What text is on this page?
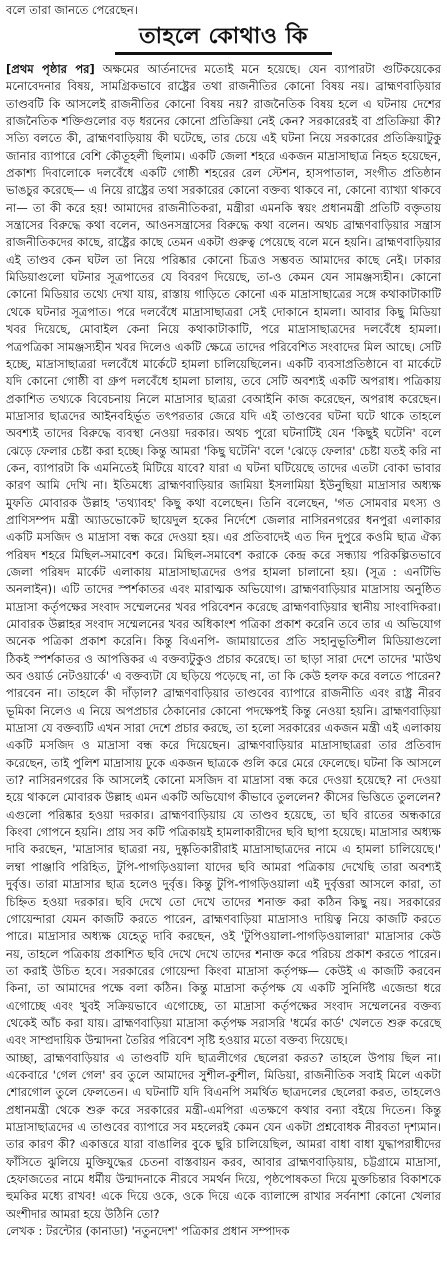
বলে তারা জানতে পেরেছেন।
তাহলে কোথাও কি

[প্রথম পৃষ্ঠার পর] অক্ষমের আর্তনাদের মতোই মনে হয়েছে। যেন ব্যাপারটা গুটিকয়েকের মনোবেদনার বিষয়, সামগ্রিকভাবে রাষ্ট্রের তথা রাজনীতির কোনো বিষয় নয়। ব্রাহ্মণবাড়িয়ার তাণ্ডবটি কি আসলেই রাজনীতির কোনো বিষয় নয়? রাজনৈতিক বিষয় হলে এ ঘটনায় দেশের রাজনৈতিক শক্তিগুলোর বড় ধরনের কোনো প্রতিক্রিয়া নেই কেন? সরকারেরই বা প্রতিক্রিয়া কী? সত্যি বলতে কী, ব্রাহ্মণবাড়িয়ায় কী ঘটেছে, তার চেয়ে এই ঘটনা নিয়ে সরকারের প্রতিক্রিয়াটুকু জানার ব্যাপারে বেশি কৌতূহলী ছিলাম। একটি জেলা শহরে একজন মাদ্রাসাছাত্র নিহত হয়েছেন, প্রকাশ্য দিবালোকে দলবেঁধে একটি গোষ্ঠী শহরের রেল স্টেশন, হাসপাতাল, সংগীত প্রতিষ্ঠান ভাঙচুর করেছে— এ নিয়ে রাষ্ট্রের তথা সরকারের কোনো বক্তব্য থাকবে না, কোনো ব্যাখ্যা থাকবে না— তা কী করে হয়! আমাদের রাজনীতিকরা, মন্ত্রীরা এমনকি স্বয়ং প্রধানমন্ত্রী প্রতিটি বক্তৃতায় সন্ত্রাসের বিরুদ্ধে কথা বলেন, আওনসন্ত্রাসের বিরুদ্ধে কথা বলেন। অথচ ব্রাহ্মণবাড়িয়ার সন্ত্রাস রাজনীতিকদের কাছে, রাষ্ট্রের কাছে তেমন একটা গুরুত্ব পেয়েছে বলে মনে হয়নি। ব্রাহ্মণবাড়িয়ার এই তাণ্ডব কেন ঘটল তা নিয়ে পরিষ্কার কোনো চিত্রও সম্ভবত আমাদের কাছে নেই। ঢাকার মিডিয়াগুলো ঘটনার সূত্রপাতের যে বিবরণ দিয়েছে, তা-ও কেমন যেন সামঞ্জস্যহীন। কোনো কোনো মিডিয়ার তথ্যে দেখা যায়, রাস্তায় গাড়িতে কোনো এক মাদ্রাসাছাত্রের সঙ্গে কথাকাটাকাটি থেকে ঘটনার সূত্রপাত। পরে দলবেঁধে মাদ্রাসাছাত্ররা সেই দোকানে হামলা। আবার কিছু মিডিয়া খবর দিয়েছে, মোবাইল কেনা নিয়ে কথাকাটাকাটি, পরে মাদ্রাসাছাত্রদের দলবেঁধে হামলা। পত্রপত্রিকা সামঞ্জস্যহীন খবর দিলেও একটি ক্ষেত্রে তাদের পরিবেশিত সংবাদের মিল আছে। সেটি হচ্ছে, মাদ্রাসাছাত্ররা দলবেঁধে মার্কেটে হামলা চালিয়েছিলেন। একটি ব্যবসাপ্রতিষ্ঠানে বা মার্কেটে যদি কোনো গোষ্ঠী বা গ্রুপ দলবেঁধে হামলা চালায়, তবে সেটি অবশ্যই একটি অপরাধ। পত্রিকায় প্রকাশিত তথ্যকে বিবেচনায় নিলে মাদ্রাসার ছাত্ররা বেআইনি কাজ করেছেন, অপরাধ করেছেন। মাদ্রাসার ছাত্রদের আইনবহির্ভূত তৎপরতার জেরে যদি এই তাণ্ডবের ঘটনা ঘটে থাকে তাহলে অবশ্যই তাদের বিরুদ্ধে ব্যবস্থা নেওয়া দরকার। অথচ পুরো ঘটনাটিই যেন 'কিছুই ঘটেনি' বলে ঝেড়ে ফেলার চেষ্টা করা হচ্ছে। কিন্তু আমরা 'কিছু ঘটেনি' বলে 'ঝেড়ে ফেলার' চেষ্টা যতই করি না কেন, ব্যাপারটা কি এমনিতেই মিটিয়ে যাবে? যারা এ ঘটনা ঘটিয়েছে তাদের এতটা বোকা ভাবার কারণ আমি দেখি না। ইতিমধ্যে ব্রাহ্মণবাড়িয়ার জামিয়া ইসলামিয়া ইউনুছিয়া মাদ্রাসার অধ্যক্ষ মুফতি মোবারক উল্লাহ 'তথ্যাবহ' কিছু কথা বলেছেন। তিনি বলেছেন, 'গত সোমবার মৎস্য ও প্রাণিসম্পদ মন্ত্রী অ্যাডভোকেট ছায়েদুল হকের নির্দেশে জেলার নাসিরনগরের ধনপুরা এলাকার একটি মসজিদ ও মাদ্রাসা বন্ধ করে দেওয়া হয়। এর প্রতিবাদেই এত দিন দুপুরে কওমি ছাত্র ঐক্য পরিষদ শহরে মিছিল-সমাবেশ করে। মিছিল-সমাবেশ করাকে কেন্দ্র করে সন্ধ্যায় পরিকল্পিতভাবে জেলা পরিষদ মার্কেট এলাকায় মাদ্রাসাছাত্রদের ওপর হামলা চালানো হয়। (সূত্র : এনটিভি অনলাইন)। এটি তাদের স্পর্শকাতর এবং মারাত্মক অভিযোগ। ব্রাহ্মণবাড়িয়ার মাদ্রাসায় অনুষ্ঠিত মাদ্রাসা কর্তৃপক্ষের সংবাদ সম্মেলনের খবর পরিবেশন করেছে ব্রাহ্মণবাড়িয়ার স্থানীয় সাংবাদিকরা। মোবারক উল্লাহর সংবাদ সম্মেলনের খবর অধিকাংশ পত্রিকা প্রকাশ করেনি তবে তার এ অভিযোগ অনেক পত্রিকা প্রকাশ করেনি। কিন্তু বিএনপি- জামায়াতের প্রতি সহানুভূতিশীল মিডিয়াগুলো ঠিকই স্পর্শকাতর ও আপত্তিকর এ বক্তব্যটুকুও প্রচার করেছে। তা ছাড়া সারা দেশে তাদের 'মাউথ অব ওয়ার্ড নেটওয়ার্কে' এ বক্তব্যটা যে ছড়িয়ে পড়েছে না, তা কি কেউ হলফ করে বলতে পারেন? পারবেন না। তাহলে কী দাঁড়াল? ব্রাহ্মণবাড়িয়ার তাণ্ডবের ব্যাপারে রাজনীতি এবং রাষ্ট্র নীরব ভূমিকা নিলেও এ নিয়ে অপপ্রচার ঠেকানোর কোনো পদক্ষেপই কিন্তু নেওয়া হয়নি। ব্রাহ্মণবাড়িয়া মাদ্রাসা যে বক্তব্যটি এখন সারা দেশে প্রচার করছে, তা হলো সরকারের একজন মন্ত্রী এই এলাকায় একটি মসজিদ ও মাদ্রাসা বন্ধ করে দিয়েছেন। ব্রাহ্মণবাড়িয়ার মাদ্রাসাছাত্ররা তার প্রতিবাদ করেছেন, তাই পুলিশ মাদ্রাসায় ঢুকে একজন ছাত্রকে গুলি করে মেরে ফেলেছে। ঘটনা কি আসলে তা? নাসিরনগরের কি আসলেই কোনো মসজিদ বা মাদ্রাসা বন্ধ করে দেওয়া হয়েছে? না দেওয়া হয়ে থাকলে মোবারক উল্লাহ এমন একটি অভিযোগ কীভাবে তুললেন? কীসের ভিত্তিতে তুললেন? এগুলো পরিষ্কার হওয়া দরকার। ব্রাহ্মণবাড়িয়ায় যে তাণ্ডব হয়েছে, তা ছবি রাতের অন্ধকারে কিংবা গোপনে হয়নি। প্রায় সব কটি পত্রিকায়ই হামলাকারীদের ছবি ছাপা হয়েছে। মাদ্রাসার অধ্যক্ষ দাবি করছেন, 'মাদ্রাসার ছাত্ররা নয়, দুষ্কৃতিকারীরাই মাদ্রাসাছাত্রদের নামে এ হামলা চালিয়েছে।' লম্বা পাঞ্জাবি পরিহিত, টুপি-পাগড়িওয়ালা যাদের ছবি আমরা পত্রিকায় দেখেছি তারা অবশ্যই দুর্বৃত্ত। তারা মাদ্রাসার ছাত্র হলেও দুর্বৃত্ত। কিন্তু টুপি-পাগড়িওয়ালা এই দুর্বৃত্তরা আসলে কারা, তা চিহ্নিত হওয়া দরকার। ছবি দেখে তো দেখে তাদের শনাক্ত করা কঠিন কিছু নয়। সরকারের গোয়েন্দারা যেমন কাজটি করতে পারেন, ব্রাহ্মণবাড়িয়া মাদ্রাসাও দায়িত্ব নিয়ে কাজটি করতে পারে। মাদ্রাসার অধ্যক্ষ যেহেতু দাবি করছেন, ওই 'টুপিওয়ালা-পাগড়িওয়ালারা' মাদ্রাসার কেউ নয়, তাহলে পত্রিকায় প্রকাশিত ছবি দেখে দেখে তাদের শনাক্ত করে পরিচয় প্রকাশ করতে পারেন। তা করাই উচিত হবে। সরকারের গোয়েন্দা কিংবা মাদ্রাসা কর্তৃপক্ষ— কেউই এ কাজটি করবেন কিনা, তা আমাদের পক্ষে বলা কঠিন। কিন্তু মাদ্রাসা কর্তৃপক্ষ যে একটি সুনির্দিষ্ট এজেন্ডা ধরে এগোচ্ছে এবং খুবই সক্রিয়ভাবে এগোচ্ছে, তা মাদ্রাসা কর্তৃপক্ষের সংবাদ সম্মেলনের বক্তব্য থেকেই আঁচ করা যায়। ব্রাহ্মণবাড়িয়া মাদ্রাসা কর্তৃপক্ষ সরাসরি 'ধর্মের কার্ড' খেলতে শুরু করেছে এবং সাম্প্রদায়িক উন্মাদনা তৈরির পরিবেশ সৃষ্টি হওয়ার মতো বক্তব্য দিয়েছে।

আচ্ছা, ব্রাহ্মণবাড়িয়ার এ তাণ্ডবটি যদি ছাত্রলীগের ছেলেরা করত? তাহলে উপায় ছিল না। একেবারে 'গেল গেল' রব তুলে আমাদের সুশীল-কুশীল, মিডিয়া, রাজনীতিক সবাই মিলে একটা শোরগোল তুলে ফেলতেন। এ ঘটনাটি যদি বিএনপি সমর্থিত ছাত্রদলের ছেলেরা করত, তাহলেও প্রধানমন্ত্রী থেকে শুরু করে সরকারের মন্ত্রী-এমপিরা এতক্ষণে কথার বন্যা বইয়ে দিতেন। কিন্তু মাদ্রাসাছাত্রদের এ তাণ্ডবের ব্যাপারে সব মহলেরই কেমন যেন একটা প্রশ্নবোধক নীরবতা দৃশ্যমান। তার কারণ কী? একাত্তরে যারা বাঙালির বুকে ছুরি চালিয়েছিল, আমরা বাধা বাধা যুদ্ধাপরাধীদের ফাঁসিতে ঝুলিয়ে মুক্তিযুদ্ধের চেতনা বাস্তবায়ন করব, আবার ব্রাহ্মণবাড়িয়ায়, চট্টগ্রামে মাদ্রাসা, হেফাজতের নামে ধর্মীয় উন্মাদনাকে নীরবে সমর্থন দিয়ে, পৃষ্ঠপোষকতা দিয়ে মুক্তচিন্তার বিকাশকে হুমকির মধ্যে রাখব! একে দিয়ে ওকে, ওকে দিয়ে একে ব্যালান্সে রাখার সর্বনাশা কোনো খেলার অংশীদার আমরা হয়ে উঠিনি তো?

লেখক : টরন্টোর (কানাডা) 'নতুনদেশ' পত্রিকার প্রধান সম্পাদক
